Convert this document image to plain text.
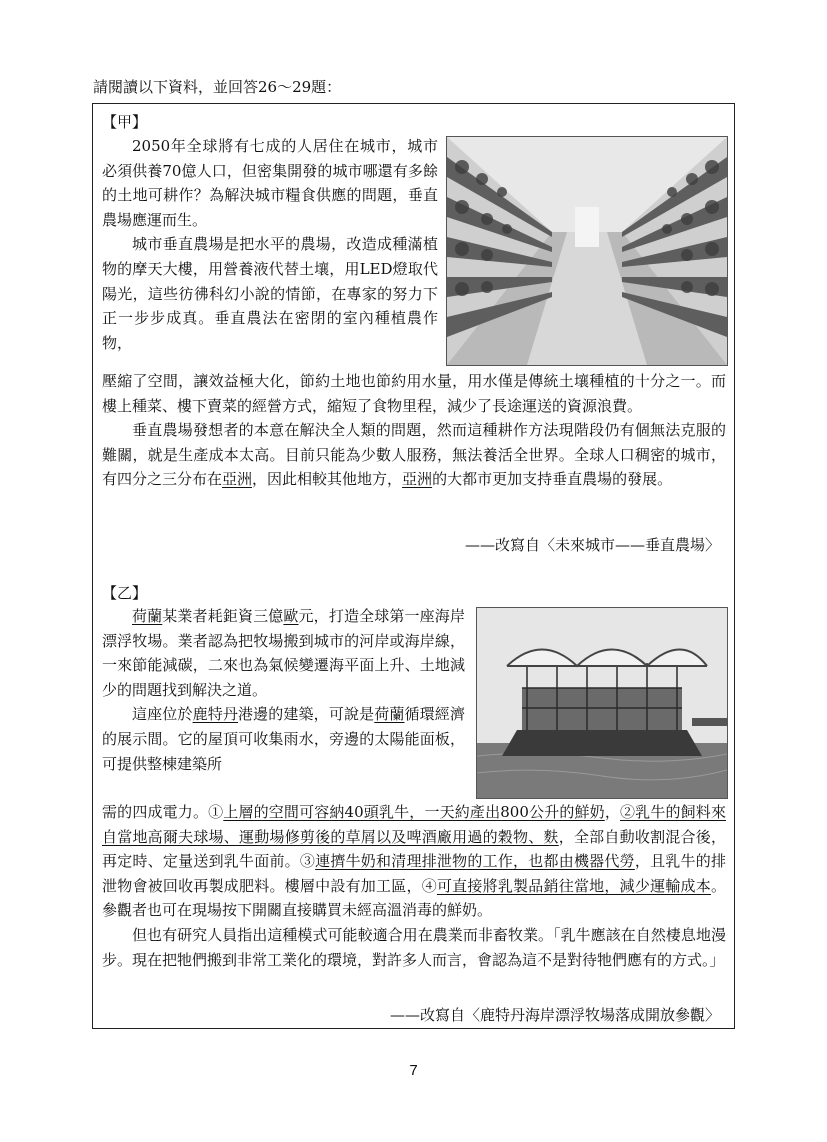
請閱讀以下資料，並回答26～29題：
【甲】

2050年全球將有七成的人居住在城市，城市必須供養70億人口，但密集開發的城市哪還有多餘的土地可耕作？為解決城市糧食供應的問題，垂直農場應運而生。

城市垂直農場是把水平的農場，改造成種滿植物的摩天大樓，用營養液代替土壤，用LED燈取代陽光，這些彷彿科幻小說的情節，在專家的努力下正一步步成真。垂直農法在密閉的室內種植農作物，

壓縮了空間，讓效益極大化，節約土地也節約用水量，用水僅是傳統土壤種植的十分之一。而樓上種菜、樓下賣菜的經營方式，縮短了食物里程，減少了長途運送的資源浪費。

垂直農場發想者的本意在解決全人類的問題，然而這種耕作方法現階段仍有個無法克服的難關，就是生產成本太高。目前只能為少數人服務，無法養活全世界。全球人口稠密的城市，有四分之三分布在亞洲，因此相較其他地方，亞洲的大都市更加支持垂直農場的發展。

——改寫自〈未來城市——垂直農場〉
【乙】

荷蘭某業者耗鉅資三億歐元，打造全球第一座海岸漂浮牧場。業者認為把牧場搬到城市的河岸或海岸線，一來節能減碳，二來也為氣候變遷海平面上升、土地減少的問題找到解決之道。

這座位於鹿特丹港邊的建築，可說是荷蘭循環經濟的展示間。它的屋頂可收集雨水，旁邊的太陽能面板，可提供整棟建築所

需的四成電力。①上層的空間可容納40頭乳牛，一天約產出800公升的鮮奶，②乳牛的飼料來自當地高爾夫球場、運動場修剪後的草屑以及啤酒廠用過的穀物、麩，全部自動收割混合後，再定時、定量送到乳牛面前。③連擠牛奶和清理排泄物的工作，也都由機器代勞，且乳牛的排泄物會被回收再製成肥料。樓層中設有加工區，④可直接將乳製品銷往當地，減少運輸成本。參觀者也可在現場按下開關直接購買未經高溫消毒的鮮奶。

但也有研究人員指出這種模式可能較適合用在農業而非畜牧業。「乳牛應該在自然棲息地漫步。現在把牠們搬到非常工業化的環境，對許多人而言，會認為這不是對待牠們應有的方式。」

——改寫自〈鹿特丹海岸漂浮牧場落成開放參觀〉
7
